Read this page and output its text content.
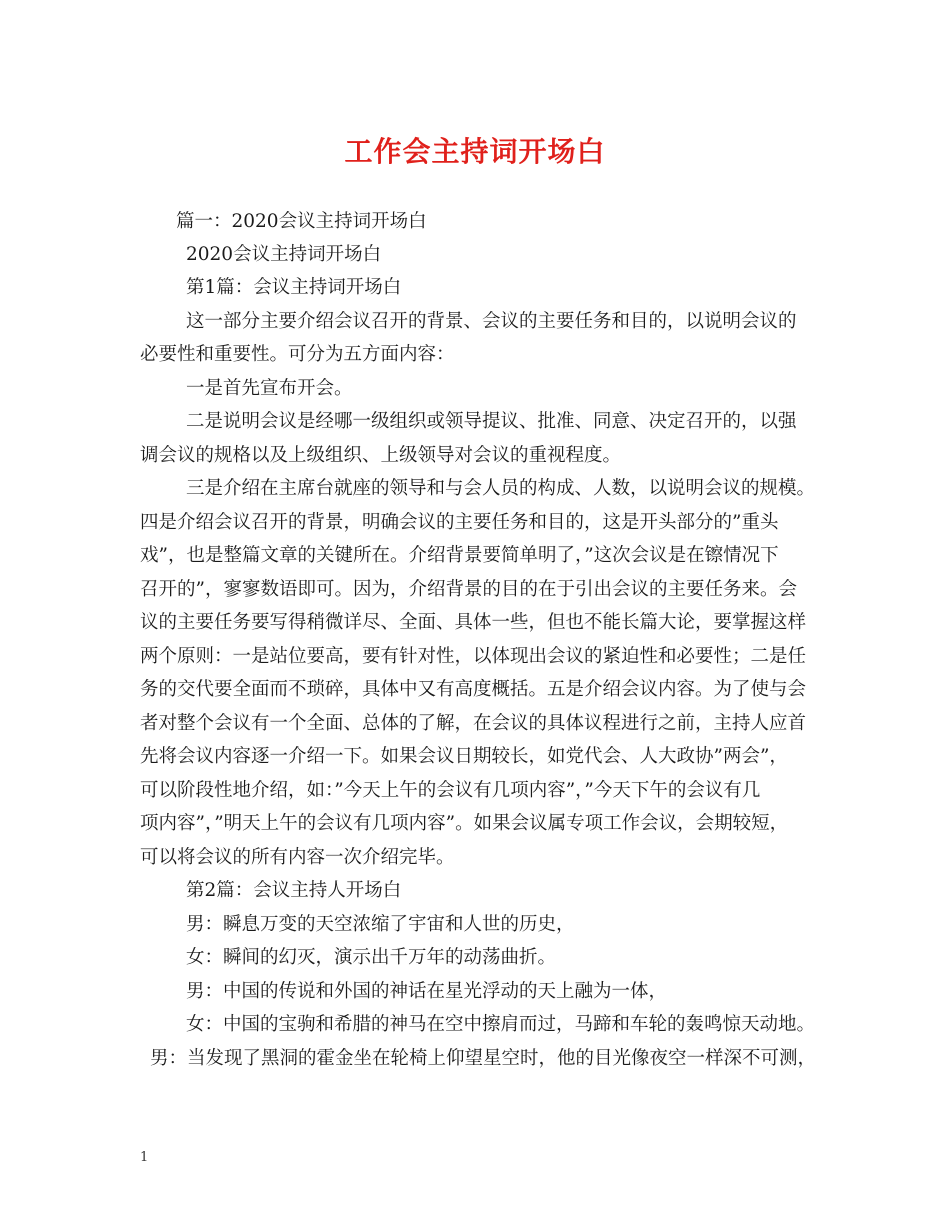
工作会主持词开场白

篇一：2020会议主持词开场白

2020会议主持词开场白

第1篇：会议主持词开场白

这一部分主要介绍会议召开的背景、会议的主要任务和目的，以说明会议的

必要性和重要性。可分为五方面内容：

一是首先宣布开会。

二是说明会议是经哪一级组织或领导提议、批准、同意、决定召开的，以强

调会议的规格以及上级组织、上级领导对会议的重视程度。

三是介绍在主席台就座的领导和与会人员的构成、人数，以说明会议的规模。

四是介绍会议召开的背景，明确会议的主要任务和目的，这是开头部分的”重头

戏”，也是整篇文章的关键所在。介绍背景要简单明了，”这次会议是在镲情况下

召开的”，寥寥数语即可。因为，介绍背景的目的在于引出会议的主要任务来。会

议的主要任务要写得稍微详尽、全面、具体一些，但也不能长篇大论，要掌握这样

两个原则：一是站位要高，要有针对性，以体现出会议的紧迫性和必要性；二是任

务的交代要全面而不琐碎，具体中又有高度概括。五是介绍会议内容。为了使与会

者对整个会议有一个全面、总体的了解，在会议的具体议程进行之前，主持人应首

先将会议内容逐一介绍一下。如果会议日期较长，如党代会、人大政协”两会”，

可以阶段性地介绍，如：”今天上午的会议有几项内容”，”今天下午的会议有几

项内容”，”明天上午的会议有几项内容”。如果会议属专项工作会议，会期较短，

可以将会议的所有内容一次介绍完毕。

第2篇：会议主持人开场白

男：瞬息万变的天空浓缩了宇宙和人世的历史，

女：瞬间的幻灭，演示出千万年的动荡曲折。

男：中国的传说和外国的神话在星光浮动的天上融为一体，

女：中国的宝驹和希腊的神马在空中擦肩而过，马蹄和车轮的轰鸣惊天动地。

男：当发现了黑洞的霍金坐在轮椅上仰望星空时，他的目光像夜空一样深不可测，

1
